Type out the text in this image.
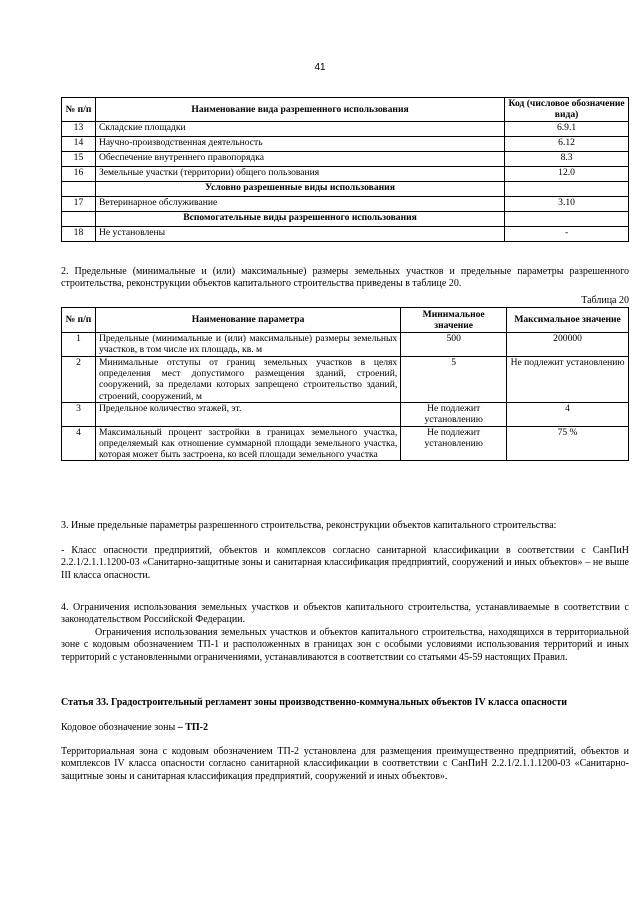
41
№ п/п	Наименование вида разрешенного использования	Код (числовое обозначение вида)
13	Складские площадки	6.9.1
14	Научно-производственная деятельность	6.12
15	Обеспечение внутреннего правопорядка	8.3
16	Земельные участки (территории) общего пользования	12.0
	Условно разрешенные виды использования	
17	Ветеринарное обслуживание	3.10
	Вспомогательные виды разрешенного использования	
18	Не установлены	-

2. Предельные (минимальные и (или) максимальные) размеры земельных участков и предельные параметры разрешенного строительства, реконструкции объектов капитального строительства приведены в таблице 20.

Таблица 20
№ п/п	Наименование параметра	Минимальное значение	Максимальное значение
1	Предельные (минимальные и (или) максимальные) размеры земельных участков, в том числе их площадь, кв. м	500	200000
2	Минимальные отступы от границ земельных участков в целях определения мест допустимого размещения зданий, строений, сооружений, за пределами которых запрещено строительство зданий, строений, сооружений, м	5	Не подлежит установлению
3	Предельное количество этажей, эт.	Не подлежит установлению	4
4	Максимальный процент застройки в границах земельного участка, определяемый как отношение суммарной площади земельного участка, которая может быть застроена, ко всей площади земельного участка	Не подлежит установлению	75 %

3. Иные предельные параметры разрешенного строительства, реконструкции объектов капитального строительства:

- Класс опасности предприятий, объектов и комплексов согласно санитарной классификации в соответствии с СанПиН 2.2.1/2.1.1.1200-03 «Санитарно-защитные зоны и санитарная классификация предприятий, сооружений и иных объектов» – не выше III класса опасности.

4. Ограничения использования земельных участков и объектов капитального строительства, устанавливаемые в соответствии с законодательством Российской Федерации.

Ограничения использования земельных участков и объектов капитального строительства, находящихся в территориальной зоне с кодовым обозначением ТП-1 и расположенных в границах зон с особыми условиями использования территорий и иных территорий с установленными ограничениями, устанавливаются в соответствии со статьями 45-59 настоящих Правил.

Статья 33. Градостроительный регламент зоны производственно-коммунальных объектов IV класса опасности

Кодовое обозначение зоны – ТП-2

Территориальная зона с кодовым обозначением ТП-2 установлена для размещения преимущественно предприятий, объектов и комплексов IV класса опасности согласно санитарной классификации в соответствии с СанПиН 2.2.1/2.1.1.1200-03 «Санитарно-защитные зоны и санитарная классификация предприятий, сооружений и иных объектов».
